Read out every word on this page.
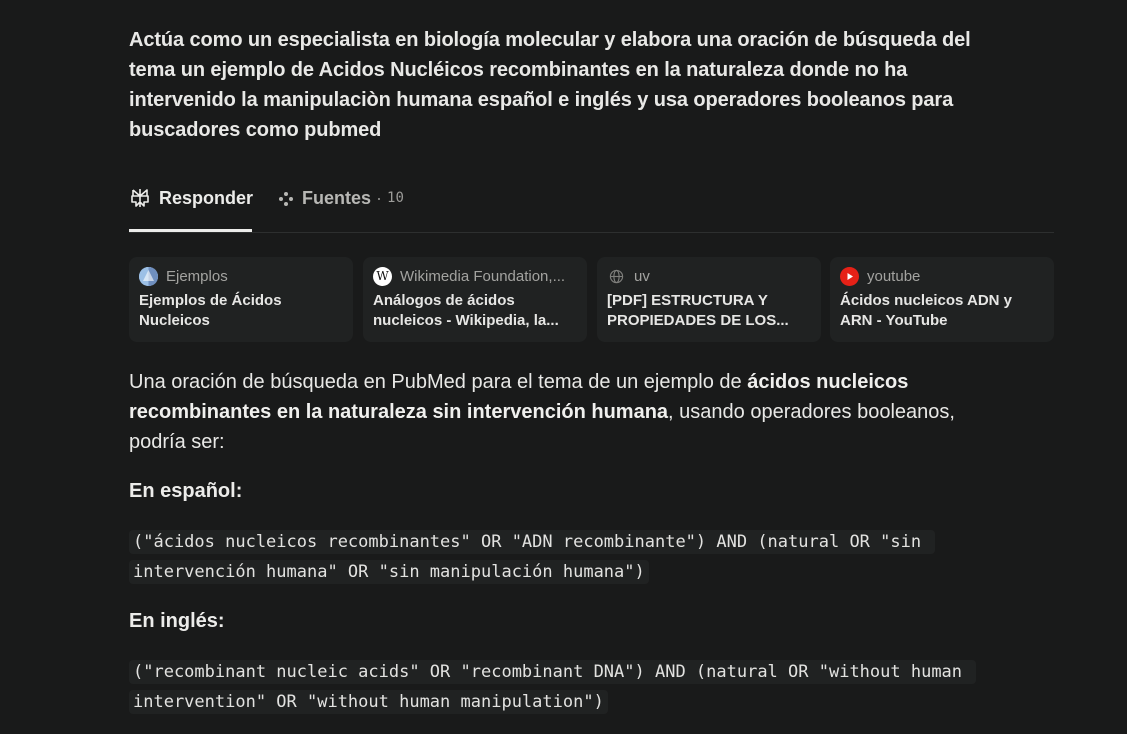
Actúa como un especialista en biología molecular y elabora una oración de búsqueda del tema un ejemplo de Acidos Nucléicos recombinantes en la naturaleza donde no ha intervenido la manipulaciòn humana español e inglés y usa operadores booleanos para buscadores como pubmed
Responder	Fuentes · 10
Ejemplos
Ejemplos de Ácidos Nucleicos
W Wikimedia Foundation,...
Análogos de ácidos nucleicos - Wikipedia, la...
uv
[PDF] ESTRUCTURA Y PROPIEDADES DE LOS...
youtube
Ácidos nucleicos ADN y ARN - YouTube
Una oración de búsqueda en PubMed para el tema de un ejemplo de ácidos nucleicos recombinantes en la naturaleza sin intervención humana, usando operadores booleanos, podría ser:
En español:
("ácidos nucleicos recombinantes" OR "ADN recombinante") AND (natural OR "sin intervención humana" OR "sin manipulación humana")
En inglés:
("recombinant nucleic acids" OR "recombinant DNA") AND (natural OR "without human intervention" OR "without human manipulation")
